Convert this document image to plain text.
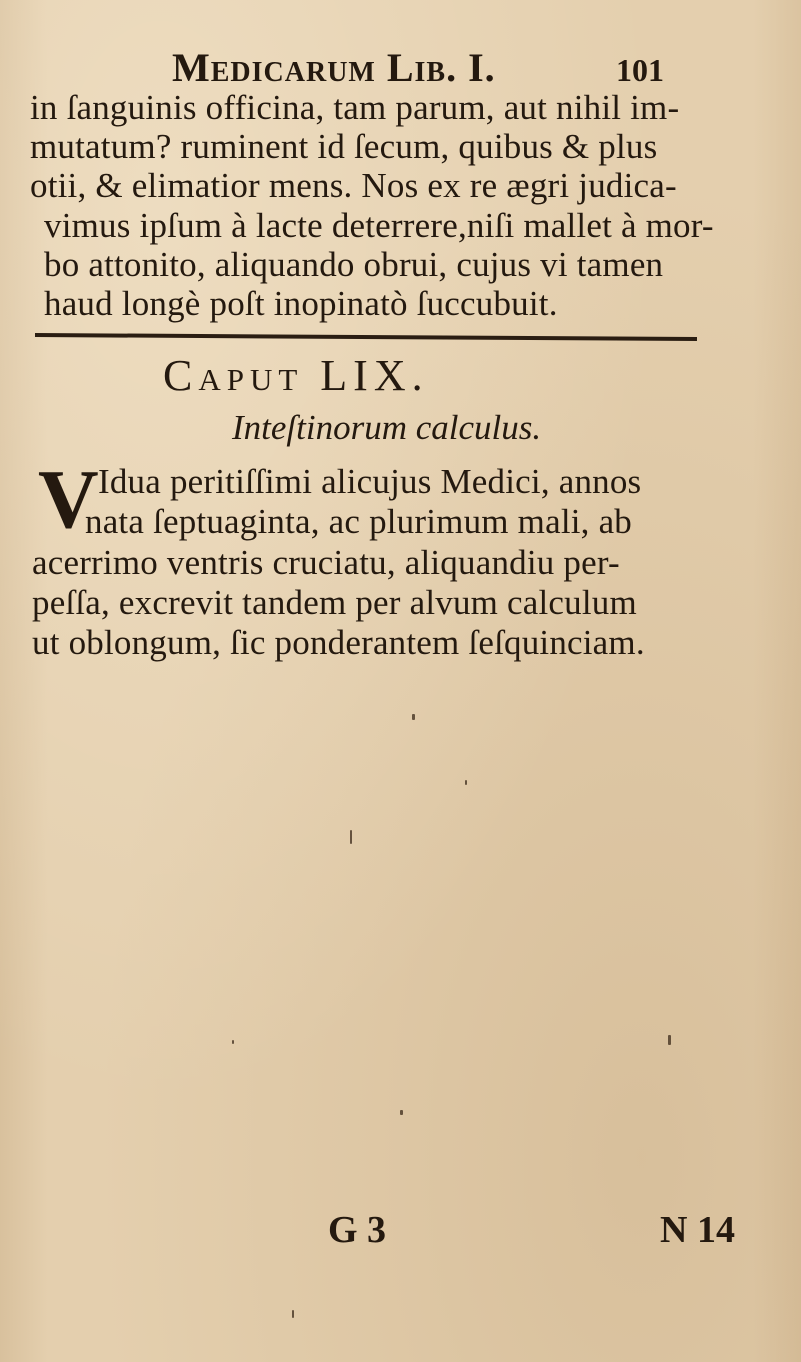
Medicarum Lib. I.	101
in ſanguinis officina, tam parum, aut nihil im-
mutatum? ruminent id ſecum, quibus & plus
otii, & elimatior mens. Nos ex re ægri judica-
vimus ipſum à lacte deterrere,niſi mallet à mor-
bo attonito, aliquando obrui, cujus vi tamen
haud longè poſt inopinatò ſuccubuit.
Caput LIX.
Inteſtinorum calculus.
V Idua peritiſſimi alicujus Medici, annos
nata ſeptuaginta, ac plurimum mali, ab
acerrimo ventris cruciatu, aliquandiu per-
peſſa, excrevit tandem per alvum calculum
ut oblongum, ſic ponderantem ſeſquinciam.
G 3	N 14
